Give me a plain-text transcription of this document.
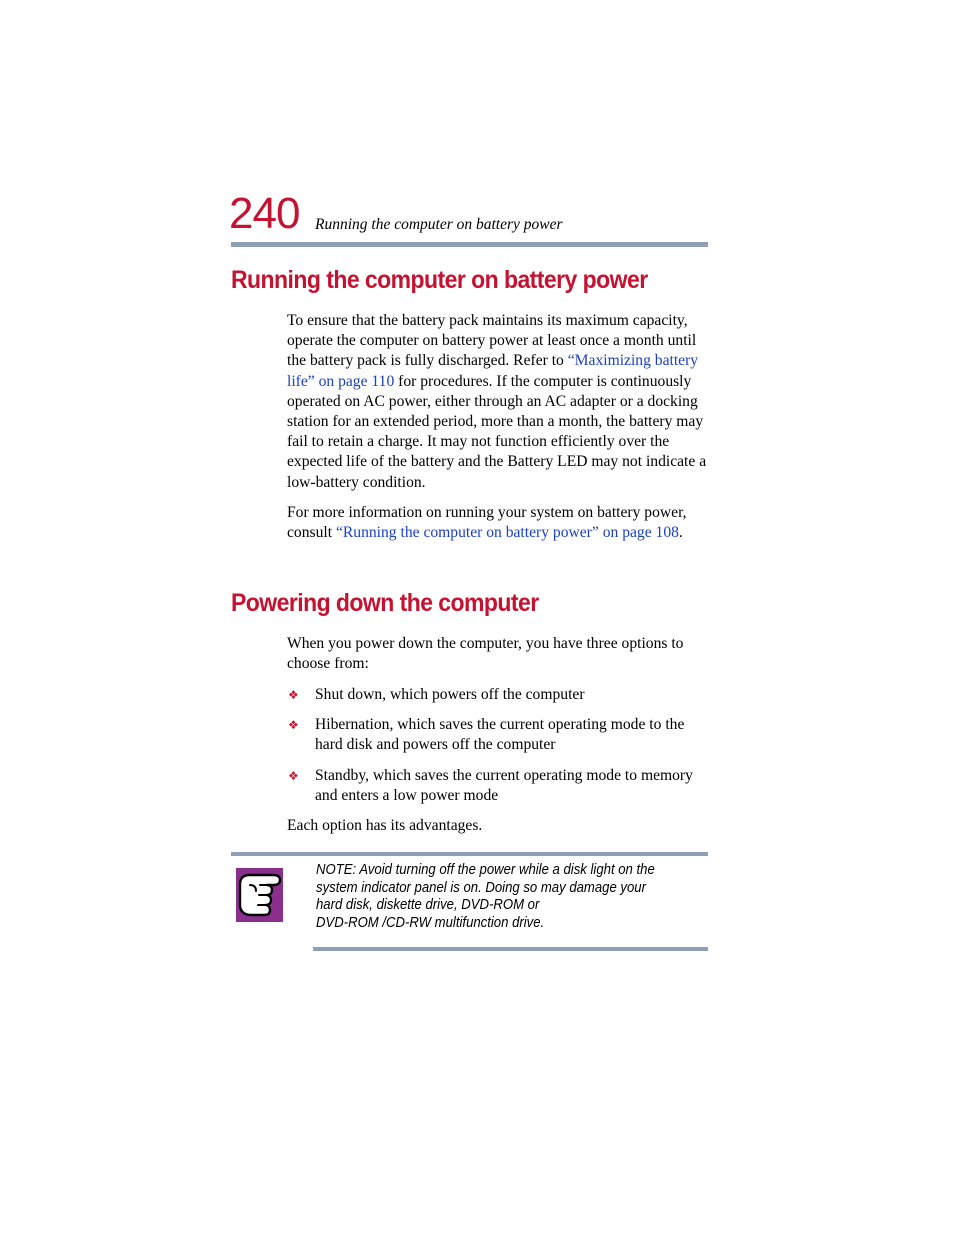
240 Running the computer on battery power
Running the computer on battery power

To ensure that the battery pack maintains its maximum capacity, operate the computer on battery power at least once a month until the battery pack is fully discharged. Refer to “Maximizing battery life” on page 110 for procedures. If the computer is continuously operated on AC power, either through an AC adapter or a docking station for an extended period, more than a month, the battery may fail to retain a charge. It may not function efficiently over the expected life of the battery and the Battery LED may not indicate a low-battery condition.

For more information on running your system on battery power, consult “Running the computer on battery power” on page 108.

Powering down the computer

When you power down the computer, you have three options to choose from:

❖ Shut down, which powers off the computer
❖ Hibernation, which saves the current operating mode to the hard disk and powers off the computer
❖ Standby, which saves the current operating mode to memory and enters a low power mode

Each option has its advantages.

NOTE: Avoid turning off the power while a disk light on the
system indicator panel is on. Doing so may damage your
hard disk, diskette drive, DVD-ROM or
DVD-ROM /CD-RW multifunction drive.
